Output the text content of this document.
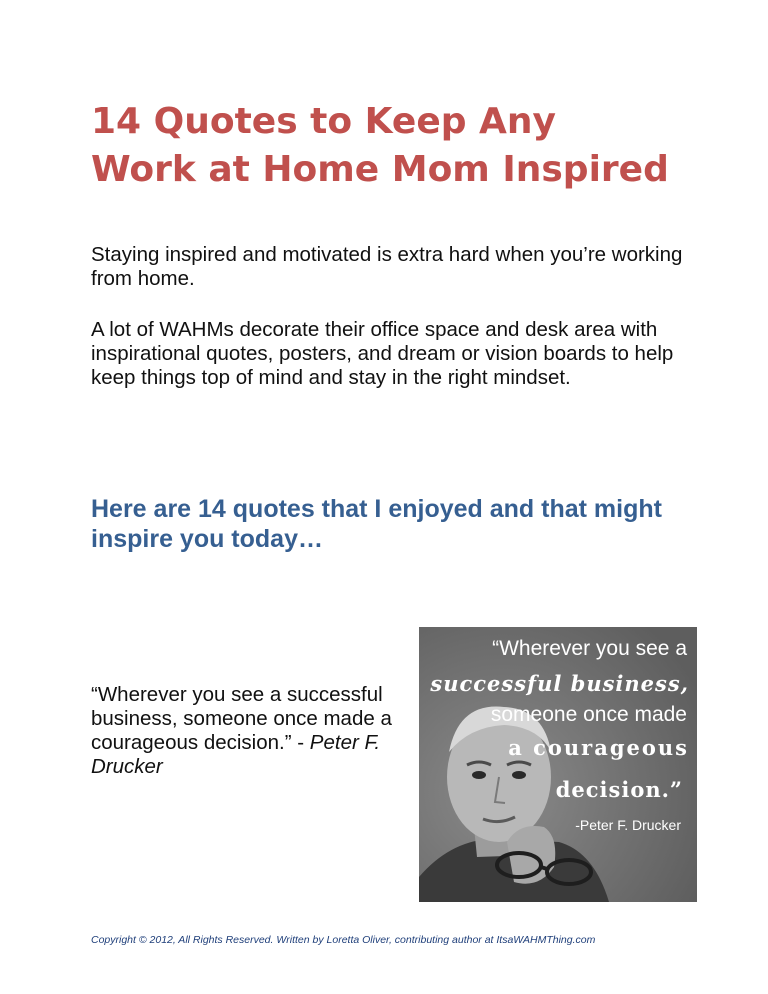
14 Quotes to Keep Any
Work at Home Mom Inspired

Staying inspired and motivated is extra hard when you’re working from home.

A lot of WAHMs decorate their office space and desk area with inspirational quotes, posters, and dream or vision boards to help keep things top of mind and stay in the right mindset.

Here are 14 quotes that I enjoyed and that might inspire you today…

“Wherever you see a successful business, someone once made a courageous decision.” - Peter F. Drucker

“Wherever you see a
successful business,
someone once made
a courageous
decision.”
-Peter F. Drucker

Copyright © 2012, All Rights Reserved. Written by Loretta Oliver, contributing author at ItsaWAHMThing.com
